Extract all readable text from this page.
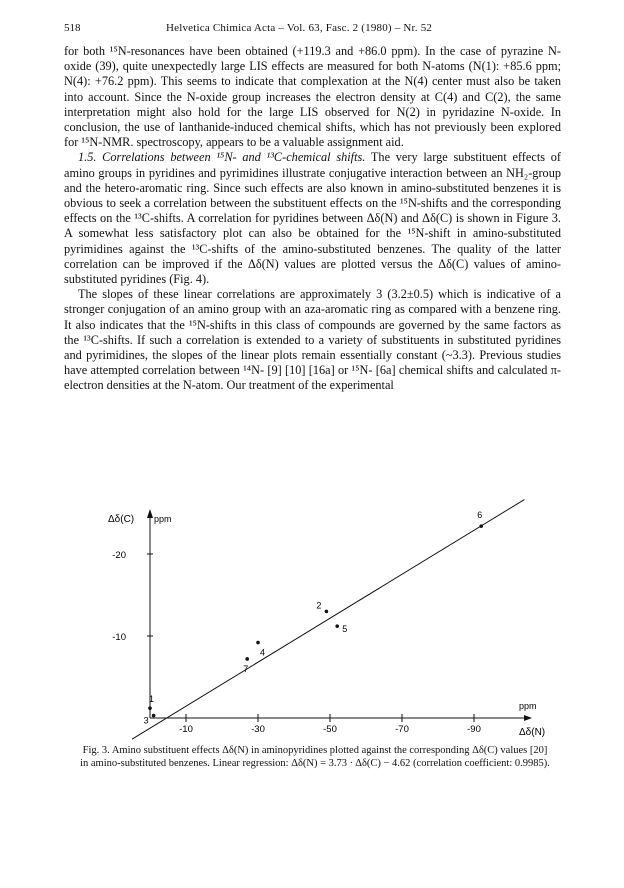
518	Helvetica Chimica Acta – Vol. 63, Fasc. 2 (1980) – Nr. 52

for both ¹⁵N-resonances have been obtained (+119.3 and +86.0 ppm). In the case of pyrazine N-oxide (39), quite unexpectedly large LIS effects are measured for both N-atoms (N(1): +85.6 ppm; N(4): +76.2 ppm). This seems to indicate that complexation at the N(4) center must also be taken into account. Since the N-oxide group increases the electron density at C(4) and C(2), the same interpretation might also hold for the large LIS observed for N(2) in pyridazine N-oxide. In conclusion, the use of lanthanide-induced chemical shifts, which has not previously been explored for ¹⁵N-NMR. spectroscopy, appears to be a valuable assignment aid.

1.5. Correlations between ¹⁵N- and ¹³C-chemical shifts. The very large substituent effects of amino groups in pyridines and pyrimidines illustrate conjugative interaction between an NH₂-group and the hetero-aromatic ring. Since such effects are also known in amino-substituted benzenes it is obvious to seek a correlation between the substituent effects on the ¹⁵N-shifts and the corresponding effects on the ¹³C-shifts. A correlation for pyridines between Δδ(N) and Δδ(C) is shown in Figure 3. A somewhat less satisfactory plot can also be obtained for the ¹⁵N-shift in amino-substituted pyrimidines against the ¹³C-shifts of the amino-substituted benzenes. The quality of the latter correlation can be improved if the Δδ(N) values are plotted versus the Δδ(C) values of amino-substituted pyridines (Fig. 4).

The slopes of these linear correlations are approximately 3 (3.2±0.5) which is indicative of a stronger conjugation of an amino group with an aza-aromatic ring as compared with a benzene ring. It also indicates that the ¹⁵N-shifts in this class of compounds are governed by the same factors as the ¹³C-shifts. If such a correlation is extended to a variety of substituents in substituted pyridines and pyrimidines, the slopes of the linear plots remain essentially constant (~3.3). Previous studies have attempted correlation between ¹⁴N- [9] [10] [16a] or ¹⁵N- [6a] chemical shifts and calculated π-electron densities at the N-atom. Our treatment of the experimental

-10	-30	-50	-70	-90
-20
-10
1
3
4
7
2
5
6
Δδ(C) ppm
ppm
Δδ(N)
Fig. 3. Amino substituent effects Δδ(N) in aminopyridines plotted against the corresponding Δδ(C) values [20] in amino-substituted benzenes. Linear regression: Δδ(N) = 3.73 · Δδ(C) − 4.62 (correlation coefficient: 0.9985).
